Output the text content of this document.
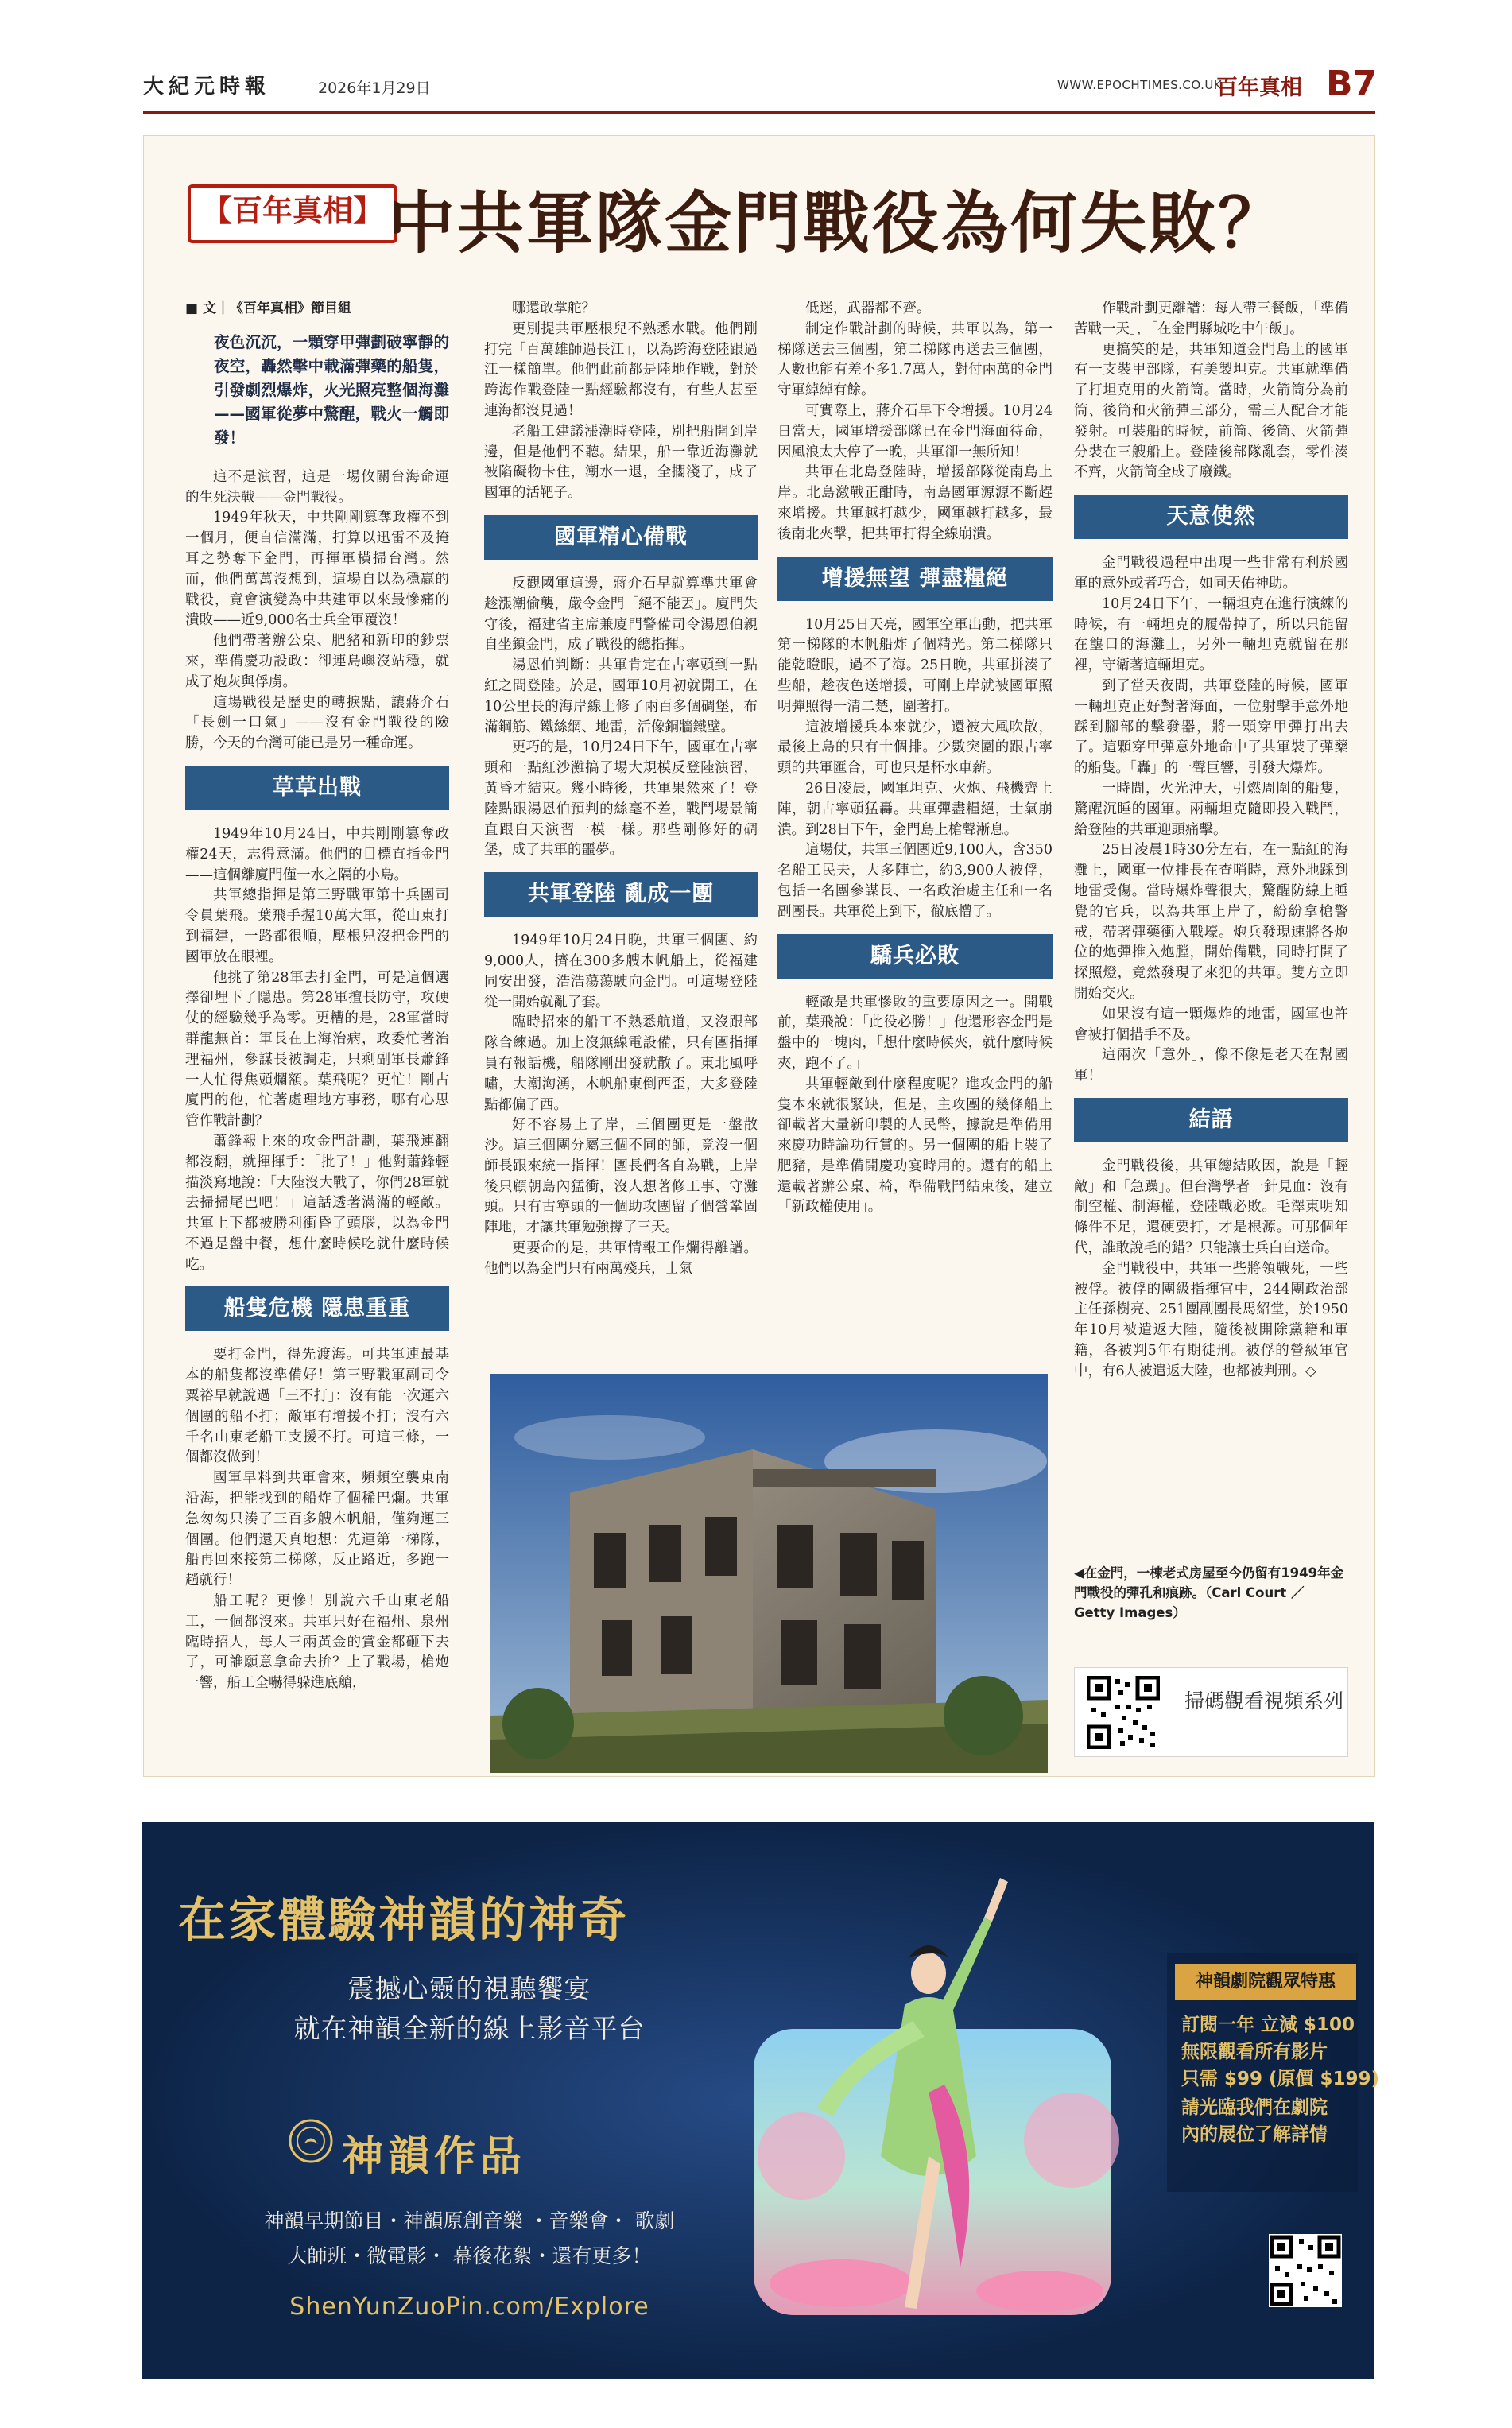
大紀元時報	2026年1月29日	WWW.EPOCHTIMES.CO.UK
百年真相 B7
【百年真相】 中共軍隊金門戰役為何失敗？
■ 文｜《百年真相》節目組
夜色沉沉，一顆穿甲彈劃破寧靜的夜空，轟然擊中載滿彈藥的船隻，引發劇烈爆炸，火光照亮整個海灘——國軍從夢中驚醒，戰火一觸即發！

這不是演習，這是一場攸關台海命運的生死決戰——金門戰役。

1949年秋天，中共剛剛篡奪政權不到一個月，便自信滿滿，打算以迅雷不及掩耳之勢奪下金門，再揮軍橫掃台灣。然而，他們萬萬沒想到，這場自以為穩贏的戰役，竟會演變為中共建軍以來最慘痛的潰敗——近9,000名士兵全軍覆沒！

他們帶著辦公桌、肥豬和新印的鈔票來，準備慶功設政：卻連島嶼沒站穩，就成了炮灰與俘虜。

這場戰役是歷史的轉捩點，讓蔣介石「長劍一口氣」——沒有金門戰役的險勝，今天的台灣可能已是另一種命運。

草草出戰

1949年10月24日，中共剛剛篡奪政權24天，志得意滿。他們的目標直指金門——這個離廈門僅一水之隔的小島。

共軍總指揮是第三野戰軍第十兵團司令員葉飛。葉飛手握10萬大軍，從山東打到福建，一路都很順，壓根兒沒把金門的國軍放在眼裡。

他挑了第28軍去打金門，可是這個選擇卻埋下了隱患。第28軍擅長防守，攻硬仗的經驗幾乎為零。更糟的是，28軍當時群龍無首：軍長在上海治病，政委忙著治理福州，參謀長被調走，只剩副軍長蕭鋒一人忙得焦頭爛額。葉飛呢？更忙！剛占廈門的他，忙著處理地方事務，哪有心思管作戰計劃？

蕭鋒報上來的攻金門計劃，葉飛連翻都沒翻，就揮揮手：「批了！」他對蕭鋒輕描淡寫地說：「大陸沒大戰了，你們28軍就去掃掃尾巴吧！」這話透著滿滿的輕敵。共軍上下都被勝利衝昏了頭腦，以為金門不過是盤中餐，想什麼時候吃就什麼時候吃。

船隻危機 隱患重重

要打金門，得先渡海。可共軍連最基本的船隻都沒準備好！第三野戰軍副司令粟裕早就說過「三不打」：沒有能一次運六個團的船不打；敵軍有增援不打；沒有六千名山東老船工支援不打。可這三條，一個都沒做到！

國軍早料到共軍會來，頻頻空襲東南沿海，把能找到的船炸了個稀巴爛。共軍急匆匆只湊了三百多艘木帆船，僅夠運三個團。他們還天真地想：先運第一梯隊，船再回來接第二梯隊，反正路近，多跑一趟就行！

船工呢？更慘！別說六千山東老船工，一個都沒來。共軍只好在福州、泉州臨時招人，每人三兩黃金的賞金都砸下去了，可誰願意拿命去拚？上了戰場，槍炮一響，船工全嚇得躲進底艙，

哪還敢掌舵？

更別提共軍壓根兒不熟悉水戰。他們剛打完「百萬雄師過長江」，以為跨海登陸跟過江一樣簡單。他們此前都是陸地作戰，對於跨海作戰登陸一點經驗都沒有，有些人甚至連海都沒見過！

老船工建議漲潮時登陸，別把船開到岸邊，但是他們不聽。結果，船一靠近海灘就被陷礙物卡住，潮水一退，全擱淺了，成了國軍的活靶子。

國軍精心備戰

反觀國軍這邊，蔣介石早就算準共軍會趁漲潮偷襲，嚴令金門「絕不能丟」。廈門失守後，福建省主席兼廈門警備司令湯恩伯親自坐鎮金門，成了戰役的總指揮。

湯恩伯判斷：共軍肯定在古寧頭到一點紅之間登陸。於是，國軍10月初就開工，在10公里長的海岸線上修了兩百多個碉堡，布滿鋼筋、鐵絲網、地雷，活像銅牆鐵壁。

更巧的是，10月24日下午，國軍在古寧頭和一點紅沙灘搞了場大規模反登陸演習，黃昏才結束。幾小時後，共軍果然來了！登陸點跟湯恩伯預判的絲毫不差，戰鬥場景簡直跟白天演習一模一樣。那些剛修好的碉堡，成了共軍的噩夢。

共軍登陸 亂成一團

1949年10月24日晚，共軍三個團、約9,000人，擠在300多艘木帆船上，從福建同安出發，浩浩蕩蕩駛向金門。可這場登陸從一開始就亂了套。

臨時招來的船工不熟悉航道，又沒跟部隊合練過。加上沒無線電設備，只有團指揮員有報話機，船隊剛出發就散了。東北風呼嘯，大潮洶湧，木帆船東倒西歪，大多登陸點都偏了西。

好不容易上了岸，三個團更是一盤散沙。這三個團分屬三個不同的師，竟沒一個師長跟來統一指揮！團長們各自為戰，上岸後只顧朝島內猛衝，沒人想著修工事、守灘頭。只有古寧頭的一個助攻團留了個營鞏固陣地，才讓共軍勉強撐了三天。

更要命的是，共軍情報工作爛得離譜。他們以為金門只有兩萬殘兵，士氣

低迷，武器都不齊。

制定作戰計劃的時候，共軍以為，第一梯隊送去三個團，第二梯隊再送去三個團，人數也能有差不多1.7萬人，對付兩萬的金門守軍綽綽有餘。

可實際上，蔣介石早下令增援。10月24日當天，國軍增援部隊已在金門海面待命，因風浪太大停了一晚，共軍卻一無所知！

共軍在北島登陸時，增援部隊從南島上岸。北島激戰正酣時，南島國軍源源不斷趕來增援。共軍越打越少，國軍越打越多，最後南北夾擊，把共軍打得全線崩潰。

增援無望 彈盡糧絕

10月25日天亮，國軍空軍出動，把共軍第一梯隊的木帆船炸了個精光。第二梯隊只能乾瞪眼，過不了海。25日晚，共軍拼湊了些船，趁夜色送增援，可剛上岸就被國軍照明彈照得一清二楚，圍著打。

這波增援兵本來就少，還被大風吹散，最後上島的只有十個排。少數突圍的跟古寧頭的共軍匯合，可也只是杯水車薪。

26日凌晨，國軍坦克、火炮、飛機齊上陣，朝古寧頭猛轟。共軍彈盡糧絕，士氣崩潰。到28日下午，金門島上槍聲漸息。

這場仗，共軍三個團近9,100人，含350名船工民夫，大多陣亡，約3,900人被俘，包括一名團參謀長、一名政治處主任和一名副團長。共軍從上到下，徹底懵了。

驕兵必敗

輕敵是共軍慘敗的重要原因之一。開戰前，葉飛說：「此役必勝！」他還形容金門是盤中的一塊肉，「想什麼時候夾，就什麼時候夾，跑不了。」

共軍輕敵到什麼程度呢？進攻金門的船隻本來就很緊缺，但是，主攻團的幾條船上卻載著大量新印製的人民幣，據說是準備用來慶功時論功行賞的。另一個團的船上裝了肥豬，是準備開慶功宴時用的。還有的船上還載著辦公桌、椅，準備戰鬥結束後，建立「新政權使用」。

作戰計劃更離譜：每人帶三餐飯，「準備苦戰一天」，「在金門縣城吃中午飯」。

更搞笑的是，共軍知道金門島上的國軍有一支裝甲部隊，有美製坦克。共軍就準備了打坦克用的火箭筒。當時，火箭筒分為前筒、後筒和火箭彈三部分，需三人配合才能發射。可裝船的時候，前筒、後筒、火箭彈分裝在三艘船上。登陸後部隊亂套，零件湊不齊，火箭筒全成了廢鐵。

天意使然

金門戰役過程中出現一些非常有利於國軍的意外或者巧合，如同天佑神助。

10月24日下午，一輛坦克在進行演練的時候，有一輛坦克的履帶掉了，所以只能留在壟口的海灘上，另外一輛坦克就留在那裡，守衛著這輛坦克。

到了當天夜間，共軍登陸的時候，國軍一輛坦克正好對著海面，一位射擊手意外地踩到腳部的擊發器，將一顆穿甲彈打出去了。這顆穿甲彈意外地命中了共軍裝了彈藥的船隻。「轟」的一聲巨響，引發大爆炸。

一時間，火光沖天，引燃周圍的船隻，驚醒沉睡的國軍。兩輛坦克隨即投入戰鬥，給登陸的共軍迎頭痛擊。

25日凌晨1時30分左右，在一點紅的海灘上，國軍一位排長在查哨時，意外地踩到地雷受傷。當時爆炸聲很大，驚醒防線上睡覺的官兵，以為共軍上岸了，紛紛拿槍警戒，帶著彈藥衝入戰壕。炮兵發現速將各炮位的炮彈推入炮膛，開始備戰，同時打開了探照燈，竟然發現了來犯的共軍。雙方立即開始交火。

如果沒有這一顆爆炸的地雷，國軍也許會被打個措手不及。

這兩次「意外」，像不像是老天在幫國軍！

結語

金門戰役後，共軍總結敗因，說是「輕敵」和「急躁」。但台灣學者一針見血：沒有制空權、制海權，登陸戰必敗。毛澤東明知條件不足，還硬要打，才是根源。可那個年代，誰敢說毛的錯？只能讓士兵白白送命。

金門戰役中，共軍一些將領戰死，一些被俘。被俘的團級指揮官中，244團政治部主任孫樹亮、251團副團長馬紹堂，於1950年10月被遣返大陸，隨後被開除黨籍和軍籍，各被判5年有期徒刑。被俘的營級軍官中，有6人被遣返大陸，也都被判刑。◇

◀在金門，一棟老式房屋至今仍留有1949年金門戰役的彈孔和痕跡。（Carl Court ／ Getty Images）
掃碼觀看視頻系列
在家體驗神韻的神奇
震撼心靈的視聽饗宴
就在神韻全新的線上影音平台
神韻作品
神韻早期節目・神韻原創音樂 ・音樂會・ 歌劇
大師班・微電影・ 幕後花絮・還有更多！
ShenYunZuoPin.com/Explore
神韻劇院觀眾特惠
訂閱一年 立減 $100
無限觀看所有影片
只需 $99 (原價 $199)
請光臨我們在劇院
內的展位了解詳情
